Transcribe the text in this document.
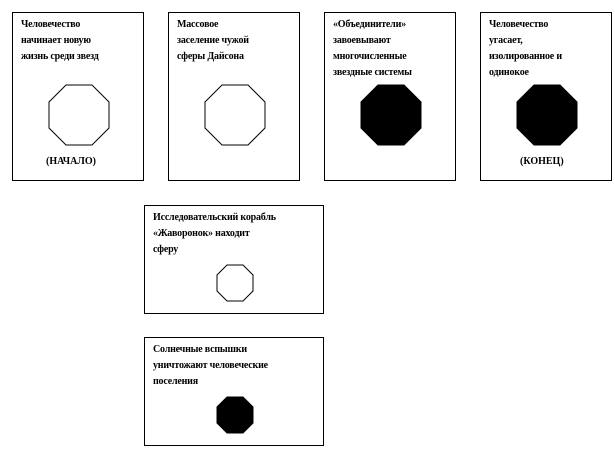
Человечество
начинает новую
жизнь среди звезд

(НАЧАЛО)

Массовое
заселение чужой
сферы Дайсона

«Объединители»
завоевывают
многочисленные
звездные системы

Человечество
угасает,
изолированное и
одинокое

(КОНЕЦ)

Исследовательский корабль
«Жаворонок» находит
сферу

Солнечные вспышки
уничтожают человеческие
поселения
